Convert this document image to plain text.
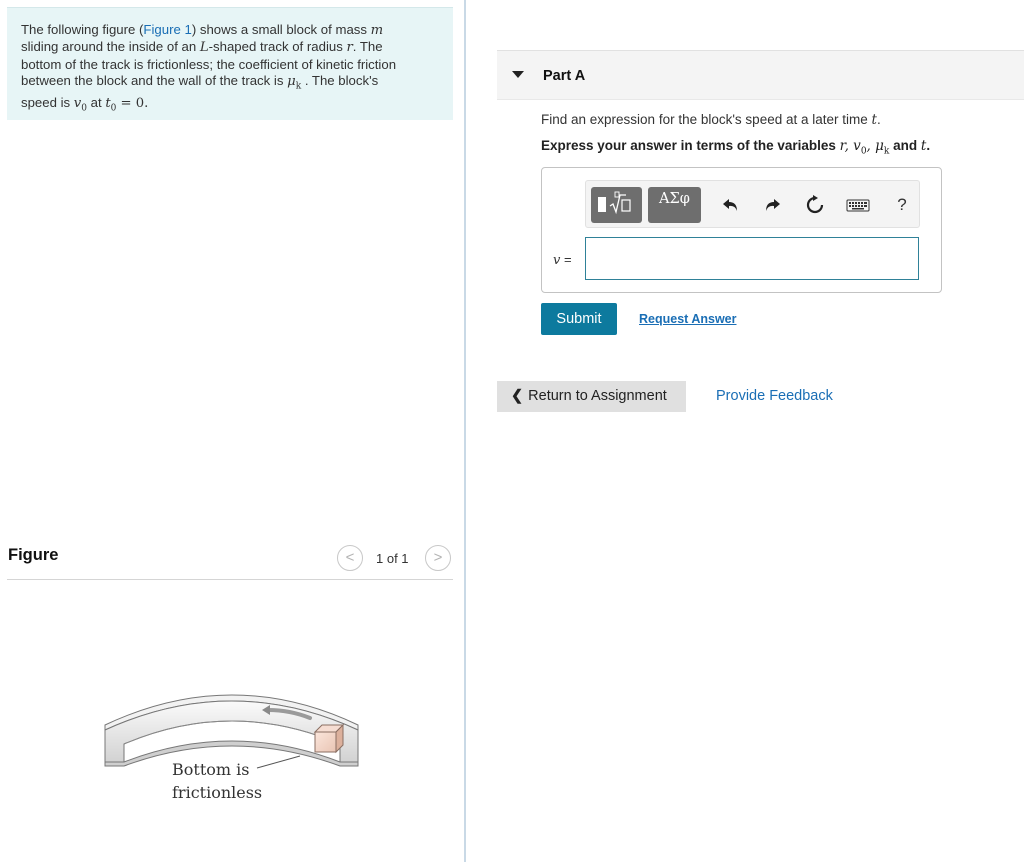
The following figure (Figure 1) shows a small block of mass m
sliding around the inside of an L-shaped track of radius r. The
bottom of the track is frictionless; the coefficient of kinetic friction
between the block and the wall of the track is $\mu_k$ . The block's
speed is $v_0$ at $t_0 = 0$.
Figure	<	1 of 1	>
Bottom is
frictionless
Part A
Find an expression for the block's speed at a later time t.
Express your answer in terms of the variables r, $v_0$, $\mu_k$ and t.
ΑΣφ	?
v =
Submit	Request Answer
❮ Return to Assignment	Provide Feedback
